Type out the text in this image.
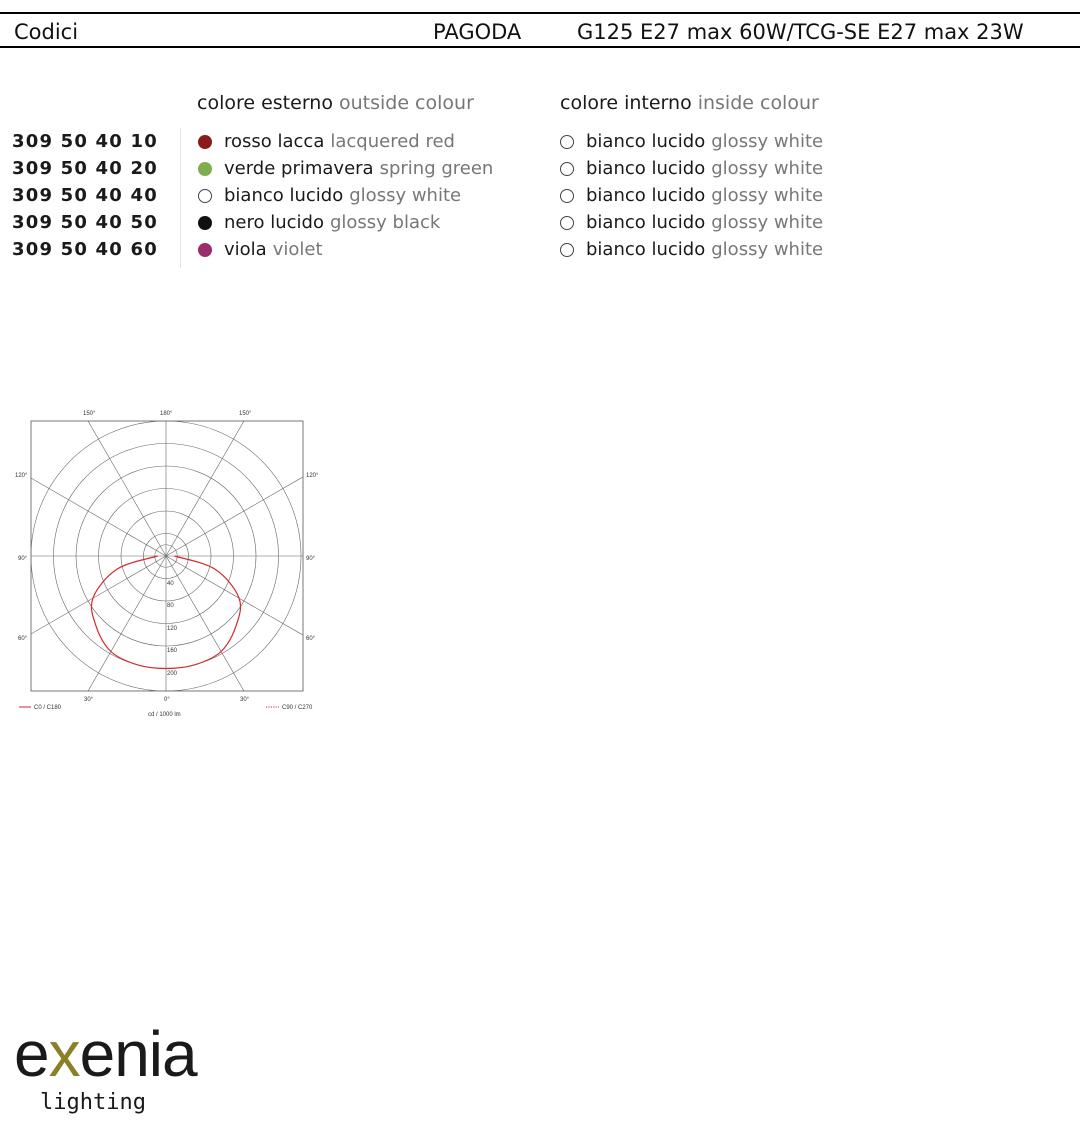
Codici	PAGODA	G125 E27 max 60W/TCG-SE E27 max 23W
colore esterno outside colour	colore interno inside colour
309 50 40 10	rosso lacca lacquered red	bianco lucido glossy white
309 50 40 20	verde primavera spring green	bianco lucido glossy white
309 50 40 40	bianco lucido glossy white	bianco lucido glossy white
309 50 40 50	nero lucido glossy black	bianco lucido glossy white
309 50 40 60	viola violet	bianco lucido glossy white
150°	180°	150°
120°	120°
90°	90°
60°	60°
30°	0°	30°
40
80
120
160
200
C0 / C180	C90 / C270
cd / 1000 lm
exenia
lighting
